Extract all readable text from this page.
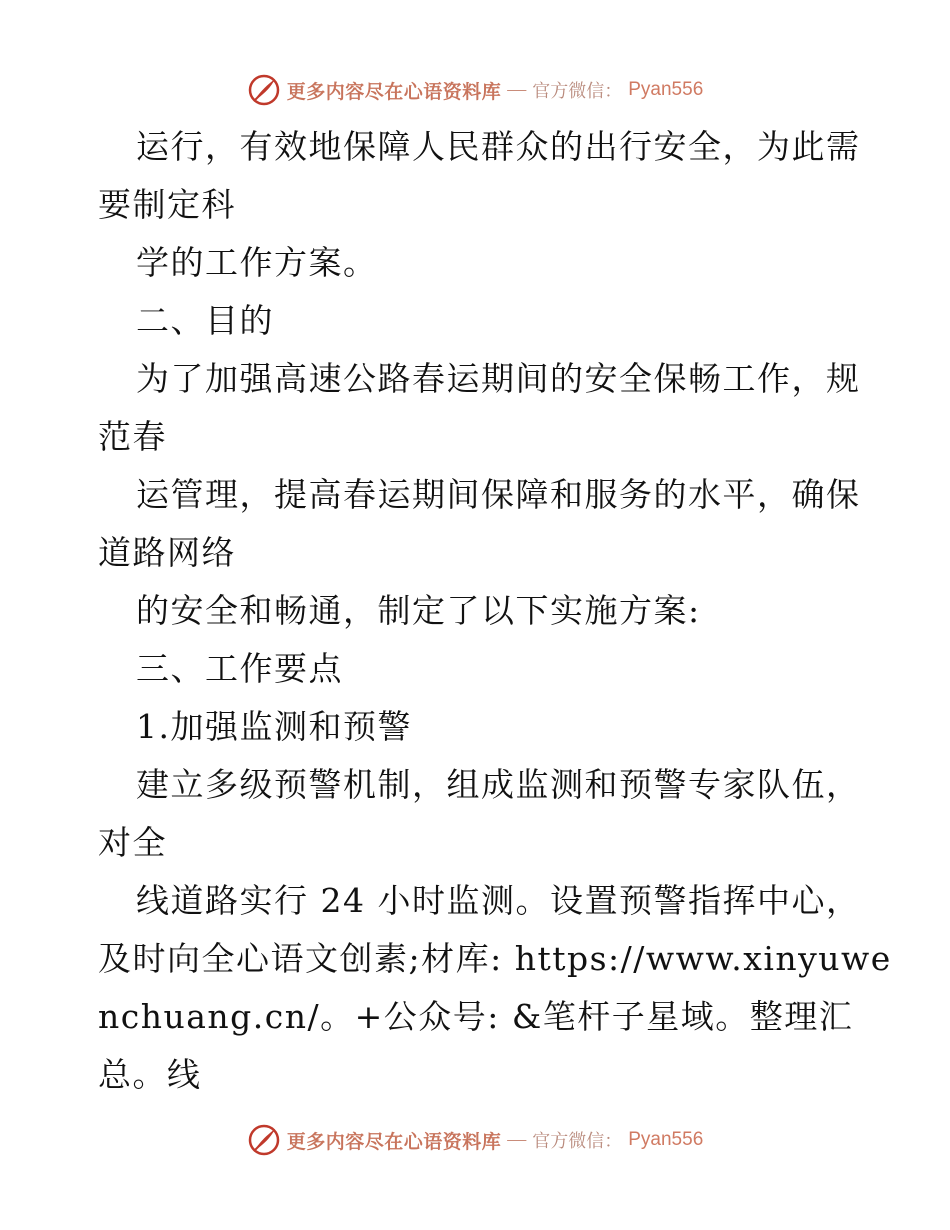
更多内容尽在心语资料库 — 官方微信： Pyan556
运行，有效地保障人民群众的出行安全，为此需
要制定科
学的工作方案。
二、目的
为了加强高速公路春运期间的安全保畅工作，规
范春
运管理，提高春运期间保障和服务的水平，确保
道路网络
的安全和畅通，制定了以下实施方案:
三、工作要点
1.加强监测和预警
建立多级预警机制，组成监测和预警专家队伍，
对全
线道路实行 24 小时监测。设置预警指挥中心，
及时向全心语文创素;材库: https://www.xinyuwe
nchuang.cn/。+公众号: &笔杆子星域。整理汇
总。线
更多内容尽在心语资料库 — 官方微信： Pyan556
